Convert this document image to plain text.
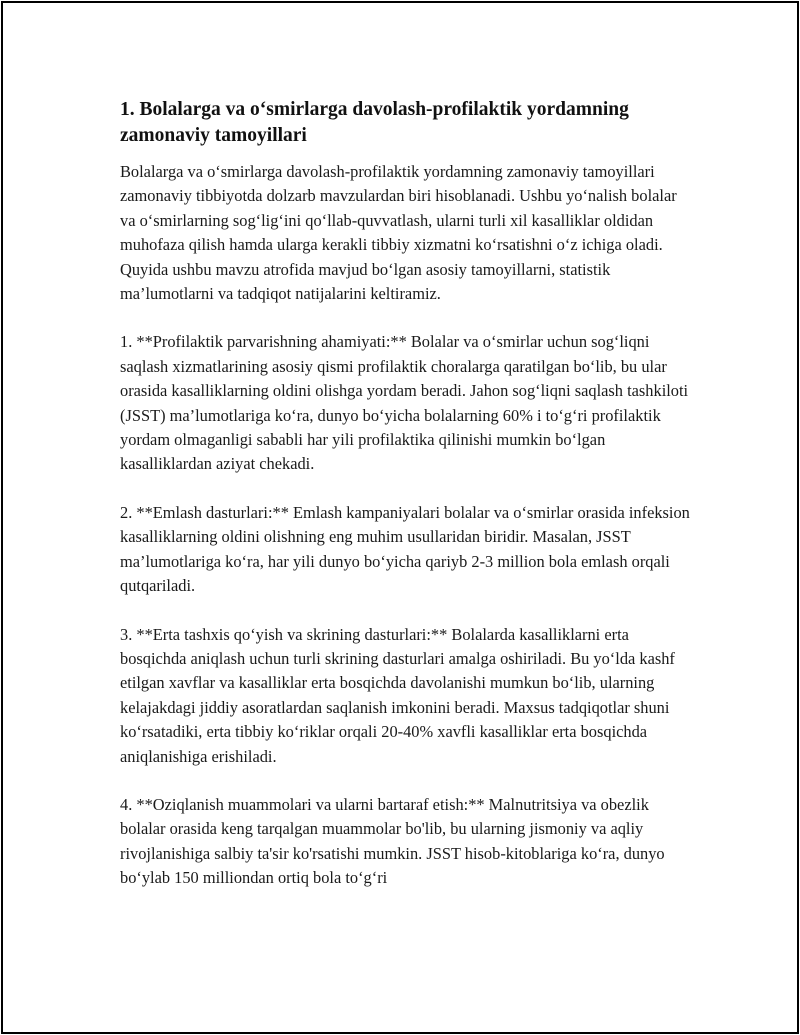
1. Bolalarga va o‘smirlarga davolash-profilaktik yordamning zamonaviy tamoyillari

Bolalarga va o‘smirlarga davolash-profilaktik yordamning zamonaviy tamoyillari zamonaviy tibbiyotda dolzarb mavzulardan biri hisoblanadi. Ushbu yo‘nalish bolalar va o‘smirlarning sog‘lig‘ini qo‘llab-quvvatlash, ularni turli xil kasalliklar oldidan muhofaza qilish hamda ularga kerakli tibbiy xizmatni ko‘rsatishni o‘z ichiga oladi. Quyida ushbu mavzu atrofida mavjud bo‘lgan asosiy tamoyillarni, statistik ma’lumotlarni va tadqiqot natijalarini keltiramiz.

1. **Profilaktik parvarishning ahamiyati:** Bolalar va o‘smirlar uchun sog‘liqni saqlash xizmatlarining asosiy qismi profilaktik choralarga qaratilgan bo‘lib, bu ular orasida kasalliklarning oldini olishga yordam beradi. Jahon sog‘liqni saqlash tashkiloti (JSST) ma’lumotlariga ko‘ra, dunyo bo‘yicha bolalarning 60% i to‘g‘ri profilaktik yordam olmaganligi sababli har yili profilaktika qilinishi mumkin bo‘lgan kasalliklardan aziyat chekadi.

2. **Emlash dasturlari:** Emlash kampaniyalari bolalar va o‘smirlar orasida infeksion kasalliklarning oldini olishning eng muhim usullaridan biridir. Masalan, JSST ma’lumotlariga ko‘ra, har yili dunyo bo‘yicha qariyb 2-3 million bola emlash orqali qutqariladi.

3. **Erta tashxis qo‘yish va skrining dasturlari:** Bolalarda kasalliklarni erta bosqichda aniqlash uchun turli skrining dasturlari amalga oshiriladi. Bu yo‘lda kashf etilgan xavflar va kasalliklar erta bosqichda davolanishi mumkun bo‘lib, ularning kelajakdagi jiddiy asoratlardan saqlanish imkonini beradi. Maxsus tadqiqotlar shuni ko‘rsatadiki, erta tibbiy ko‘riklar orqali 20-40% xavfli kasalliklar erta bosqichda aniqlanishiga erishiladi.

4. **Oziqlanish muammolari va ularni bartaraf etish:** Malnutritsiya va obezlik bolalar orasida keng tarqalgan muammolar bo'lib, bu ularning jismoniy va aqliy rivojlanishiga salbiy ta'sir ko'rsatishi mumkin. JSST hisob-kitoblariga ko‘ra, dunyo bo‘ylab 150 milliondan ortiq bola to‘g‘ri
